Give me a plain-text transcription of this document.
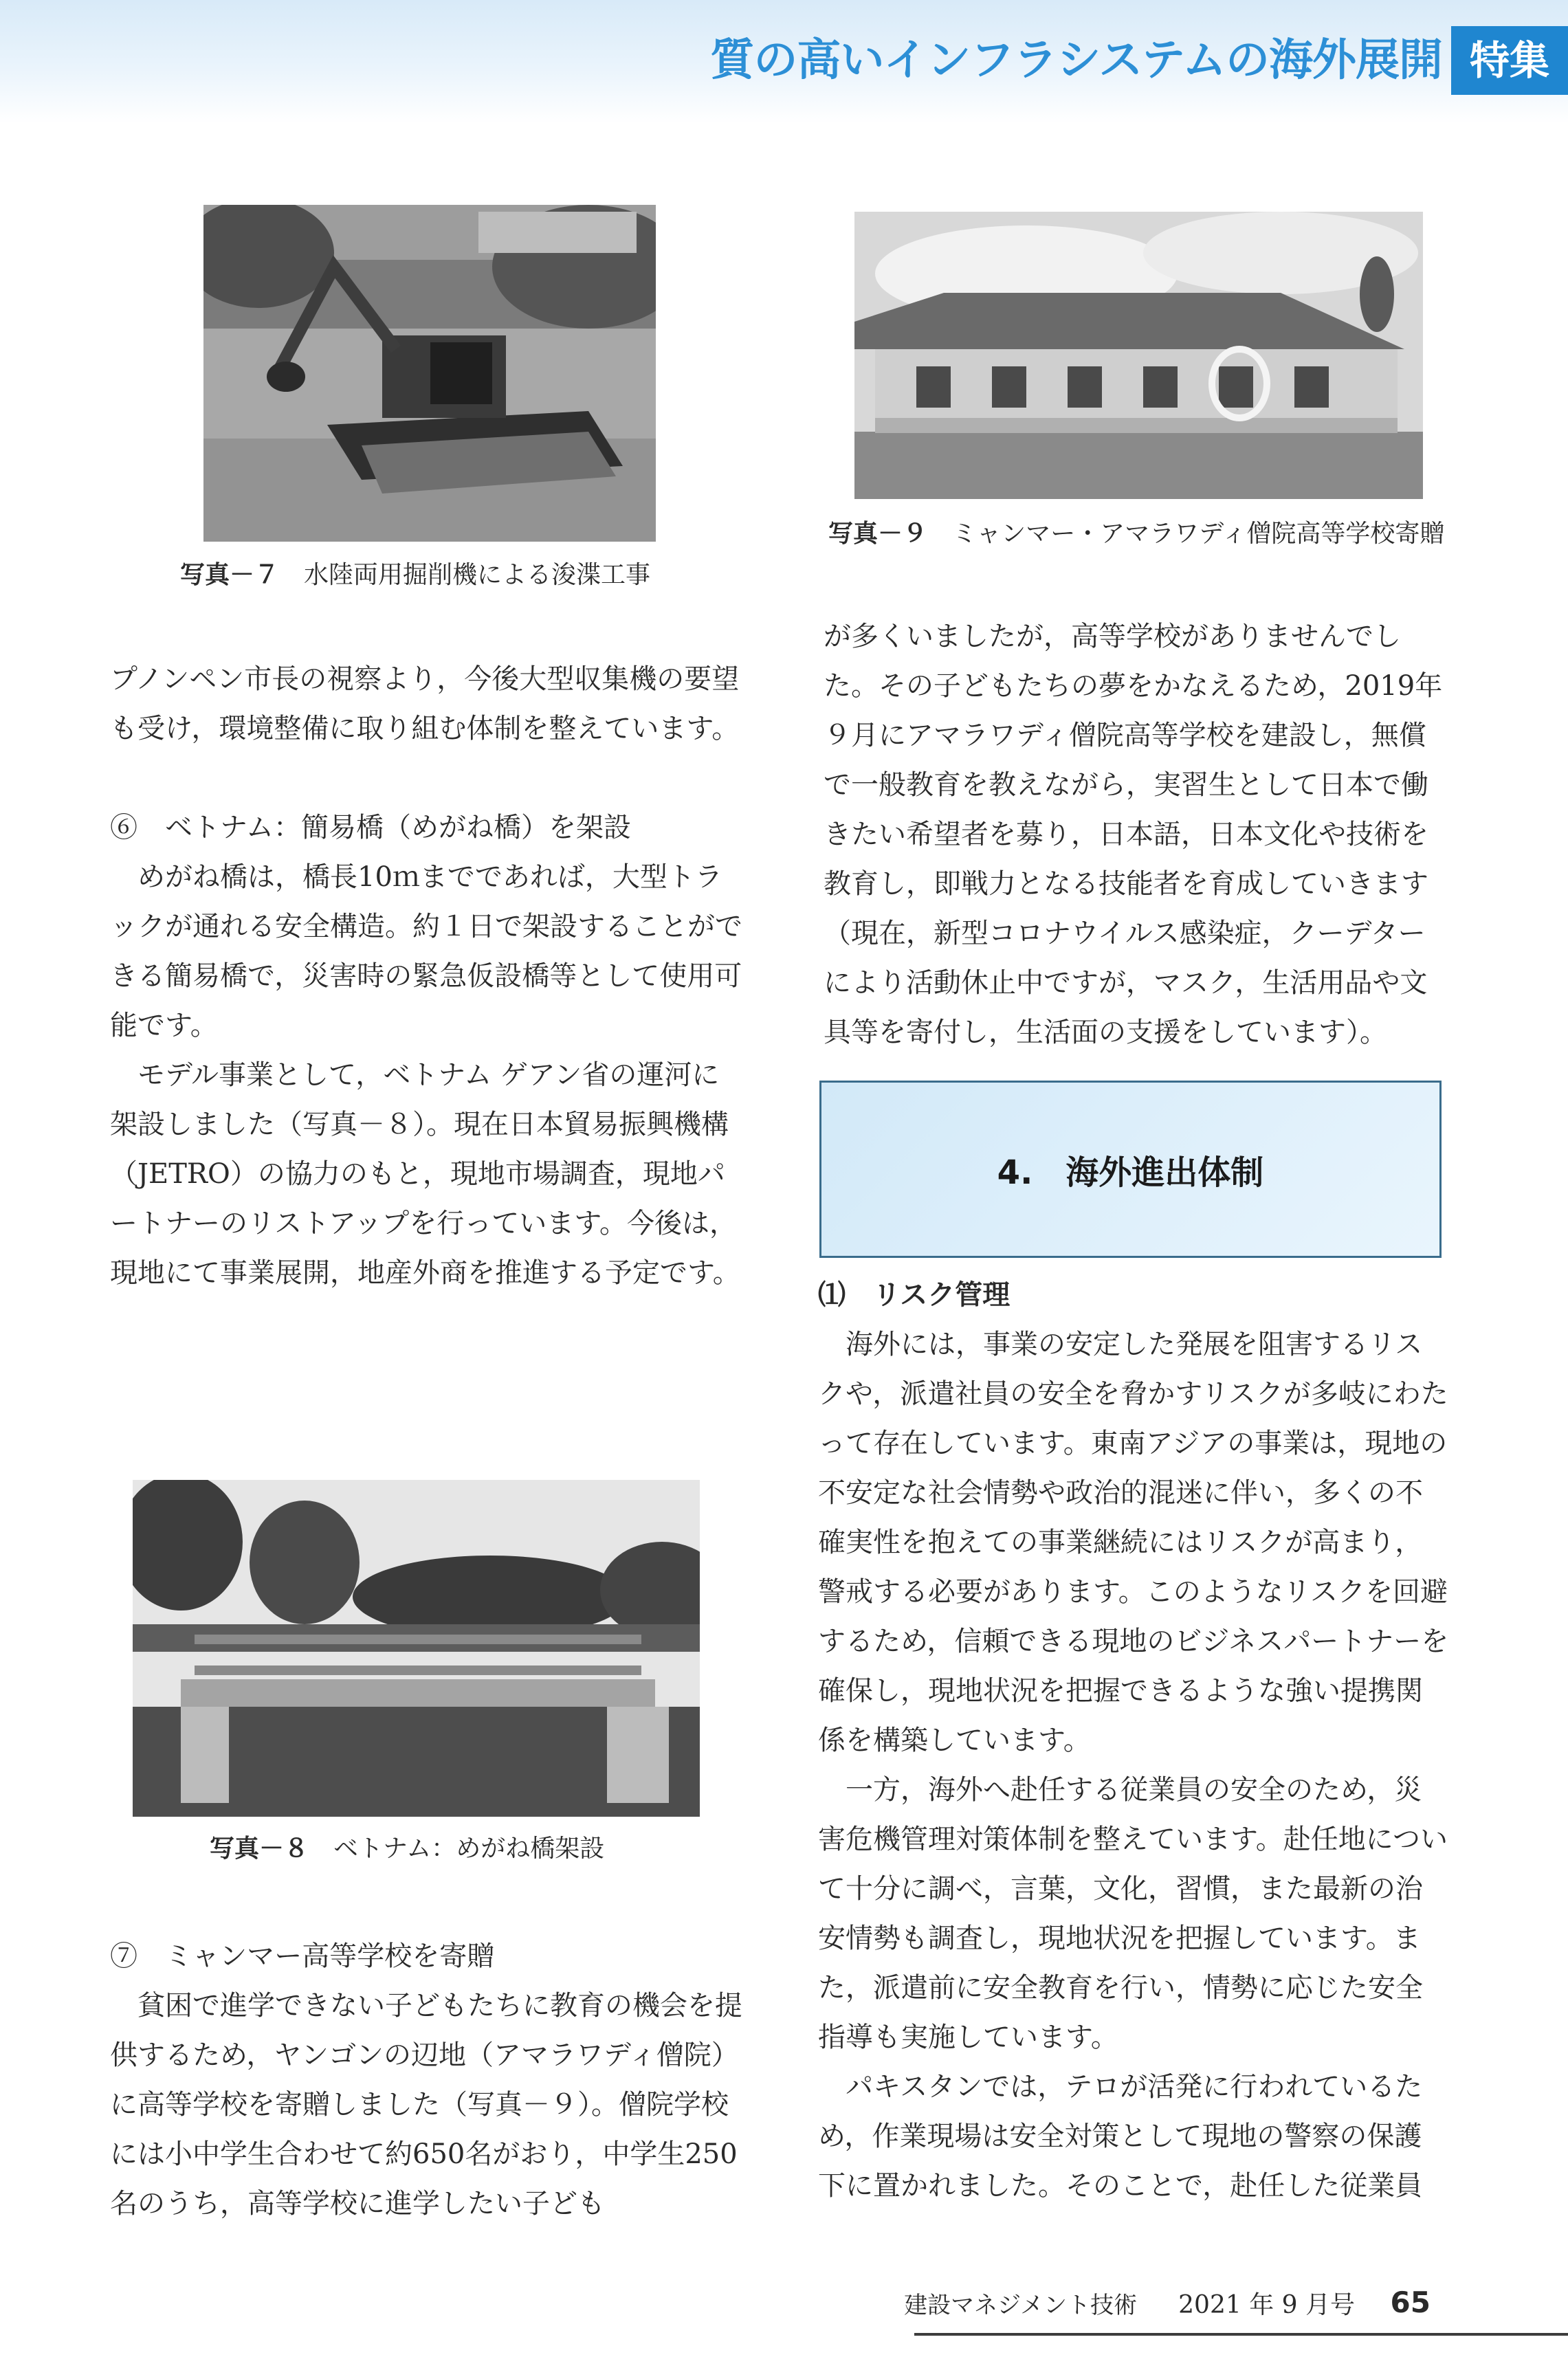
質の高いインフラシステムの海外展開 特集
写真－７　 水陸両用掘削機による浚渫工事
写真－９　 ミャンマー・アマラワディ僧院高等学校寄贈

プノンペン市長の視察より，今後大型収集機の要望も受け，環境整備に取り組む体制を整えています。

⑥　ベトナム：簡易橋（めがね橋）を架設

めがね橋は，橋長10ｍまでであれば，大型トラックが通れる安全構造。約１日で架設することができる簡易橋で，災害時の緊急仮設橋等として使用可能です。

モデル事業として，ベトナム ゲアン省の運河に架設しました（写真－８）。現在日本貿易振興機構（JETRO）の協力のもと，現地市場調査，現地パートナーのリストアップを行っています。今後は，現地にて事業展開，地産外商を推進する予定です。

写真－８　 ベトナム：めがね橋架設

⑦　ミャンマー高等学校を寄贈

貧困で進学できない子どもたちに教育の機会を提供するため，ヤンゴンの辺地（アマラワディ僧院）に高等学校を寄贈しました（写真－９）。僧院学校には小中学生合わせて約650名がおり，中学生250名のうち，高等学校に進学したい子ども

が多くいましたが，高等学校がありませんでした。その子どもたちの夢をかなえるため，2019年９月にアマラワディ僧院高等学校を建設し，無償で一般教育を教えながら，実習生として日本で働きたい希望者を募り，日本語，日本文化や技術を教育し，即戦力となる技能者を育成していきます（現在，新型コロナウイルス感染症，クーデターにより活動休止中ですが，マスク，生活用品や文具等を寄付し，生活面の支援をしています）。

4.　海外進出体制

⑴　リスク管理

海外には，事業の安定した発展を阻害するリスクや，派遣社員の安全を脅かすリスクが多岐にわたって存在しています。東南アジアの事業は，現地の不安定な社会情勢や政治的混迷に伴い，多くの不確実性を抱えての事業継続にはリスクが高まり，警戒する必要があります。このようなリスクを回避するため，信頼できる現地のビジネスパートナーを確保し，現地状況を把握できるような強い提携関係を構築しています。

一方，海外へ赴任する従業員の安全のため，災害危機管理対策体制を整えています。赴任地について十分に調べ，言葉，文化，習慣，また最新の治安情勢も調査し，現地状況を把握しています。また，派遣前に安全教育を行い，情勢に応じた安全指導も実施しています。

パキスタンでは，テロが活発に行われているため，作業現場は安全対策として現地の警察の保護下に置かれました。そのことで，赴任した従業員

建設マネジメント技術 2021 年 9 月号 65
